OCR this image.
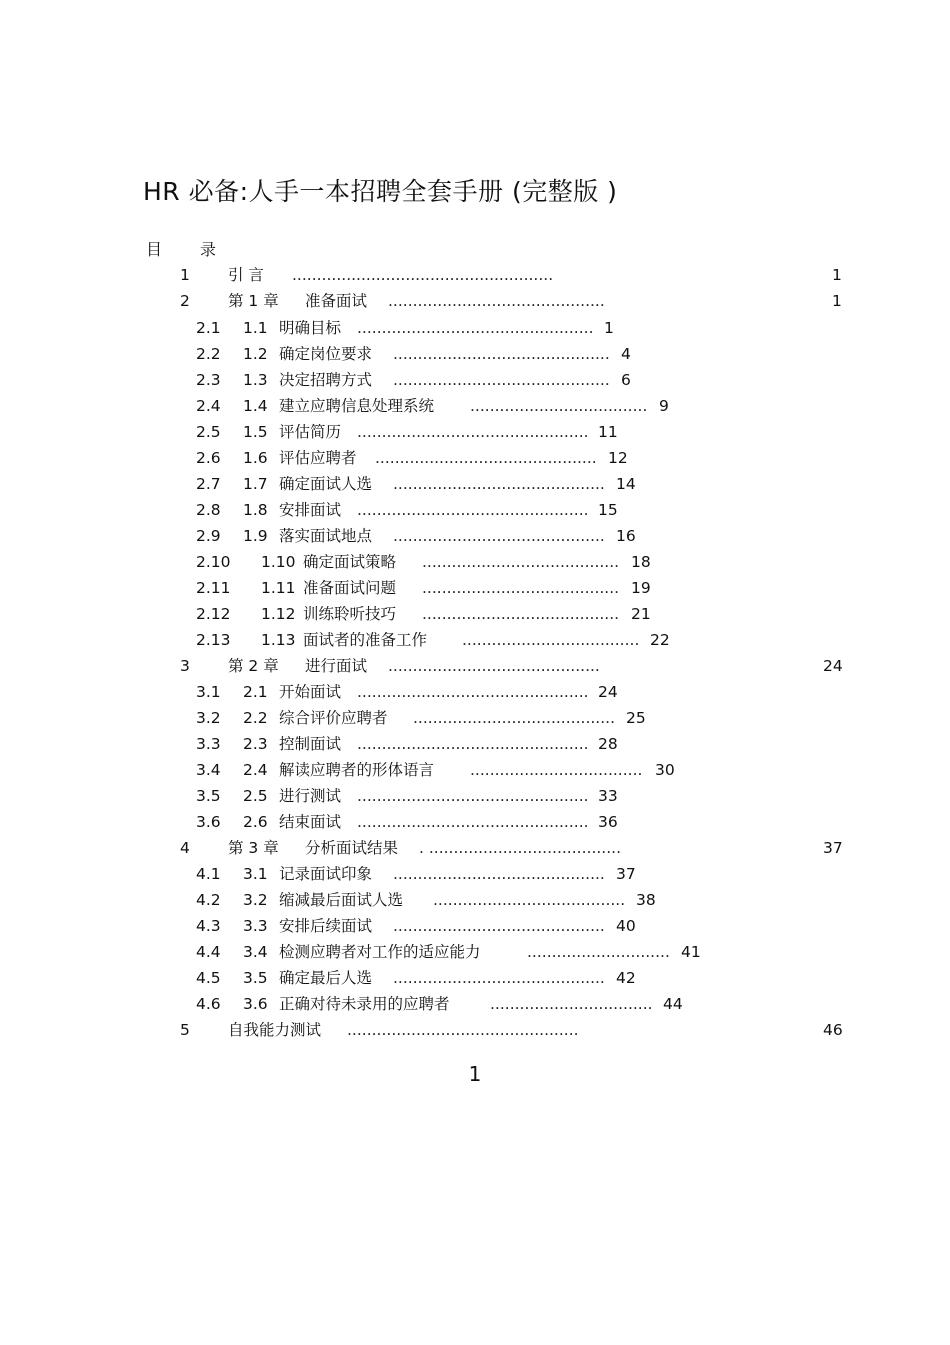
HR 必备:人手一本招聘全套手册 (完整版 )
目 录
1 引 言 .....................................................	1
2 第 1 章 准备面试 ............................................	1
2.1 1.1 明确目标 ................................................ 1
2.2 1.2 确定岗位要求 ............................................ 4
2.3 1.3 决定招聘方式 ............................................ 6
2.4 1.4 建立应聘信息处理系统 .................................... 9
2.5 1.5 评估简历 ............................................... 11
2.6 1.6 评估应聘者 ............................................. 12
2.7 1.7 确定面试人选 ........................................... 14
2.8 1.8 安排面试 ............................................... 15
2.9 1.9 落实面试地点 ........................................... 16
2.10 1.10 确定面试策略 ........................................ 18
2.11 1.11 准备面试问题 ........................................ 19
2.12 1.12 训练聆听技巧 ........................................ 21
2.13 1.13 面试者的准备工作 .................................... 22
3 第 2 章 进行面试 ...........................................	24
3.1 2.1 开始面试 ............................................... 24
3.2 2.2 综合评价应聘者 ......................................... 25
3.3 2.3 控制面试 ............................................... 28
3.4 2.4 解读应聘者的形体语言 ................................... 30
3.5 2.5 进行测试 ............................................... 33
3.6 2.6 结束面试 ............................................... 36
4 第 3 章 分析面试结果 . .......................................	37
4.1 3.1 记录面试印象 ........................................... 37
4.2 3.2 缩减最后面试人选 ....................................... 38
4.3 3.3 安排后续面试 ........................................... 40
4.4 3.4 检测应聘者对工作的适应能力	............................. 41
4.5 3.5 确定最后人选 ........................................... 42
4.6 3.6 正确对待未录用的应聘者	................................. 44
5 自我能力测试 ...............................................	46
1
